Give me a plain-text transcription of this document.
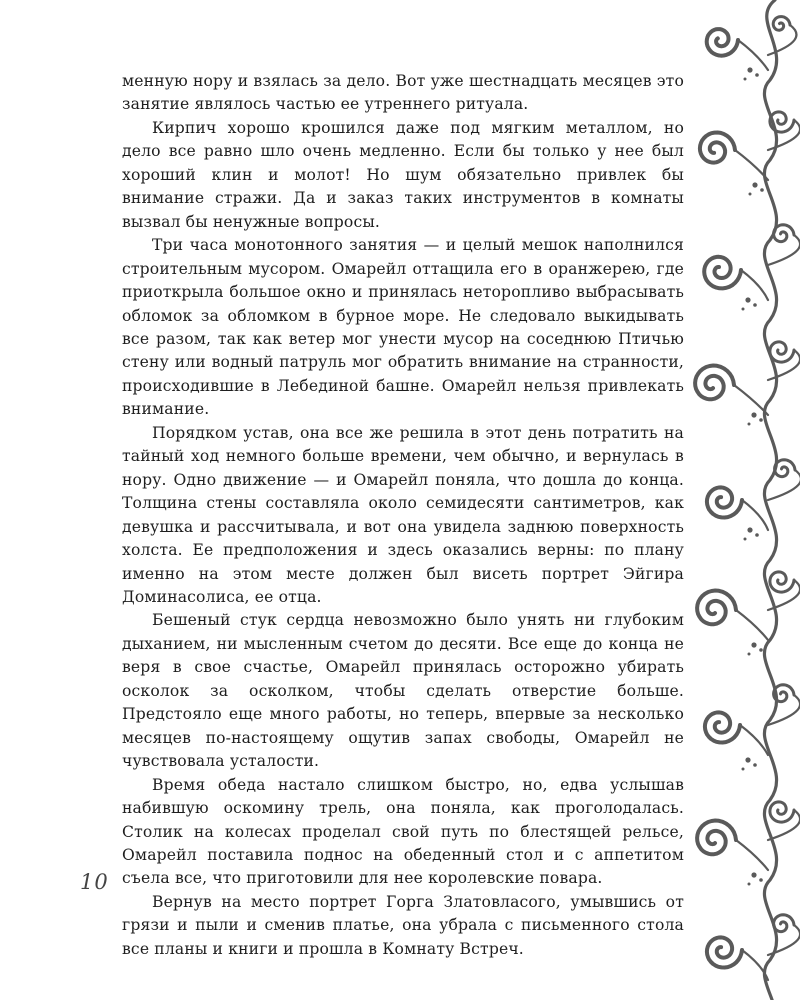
менную нору и взялась за дело. Вот уже шестнадцать месяцев это занятие являлось частью ее утреннего ритуала.

Кирпич хорошо крошился даже под мягким металлом, но дело все равно шло очень медленно. Если бы только у нее был хороший клин и молот! Но шум обязательно привлек бы внимание стражи. Да и заказ таких инструментов в комнаты вызвал бы ненужные вопросы.

Три часа монотонного занятия — и целый мешок наполнился строительным мусором. Омарейл оттащила его в оранжерею, где приоткрыла большое окно и принялась неторопливо выбрасывать обломок за обломком в бурное море. Не следовало выкидывать все разом, так как ветер мог унести мусор на соседнюю Птичью стену или водный патруль мог обратить внимание на странности, происходившие в Лебединой башне. Омарейл нельзя привлекать внимание.

Порядком устав, она все же решила в этот день потратить на тайный ход немного больше времени, чем обычно, и вернулась в нору. Одно движение — и Омарейл поняла, что дошла до конца. Толщина стены составляла около семидесяти сантиметров, как девушка и рассчитывала, и вот она увидела заднюю поверхность холста. Ее предположения и здесь оказались верны: по плану именно на этом месте должен был висеть портрет Эйгира Доминасолиса, ее отца.

Бешеный стук сердца невозможно было унять ни глубоким дыханием, ни мысленным счетом до десяти. Все еще до конца не веря в свое счастье, Омарейл принялась осторожно убирать осколок за осколком, чтобы сделать отверстие больше. Предстояло еще много работы, но теперь, впервые за несколько месяцев по-настоящему ощутив запах свободы, Омарейл не чувствовала усталости.

Время обеда настало слишком быстро, но, едва услышав набившую оскомину трель, она поняла, как проголодалась. Столик на колесах проделал свой путь по блестящей рельсе, Омарейл поставила поднос на обеденный стол и с аппетитом съела все, что приготовили для нее королевские повара.

Вернув на место портрет Горга Златовласого, умывшись от грязи и пыли и сменив платье, она убрала с письменного стола все планы и книги и прошла в Комнату Встреч.

10
